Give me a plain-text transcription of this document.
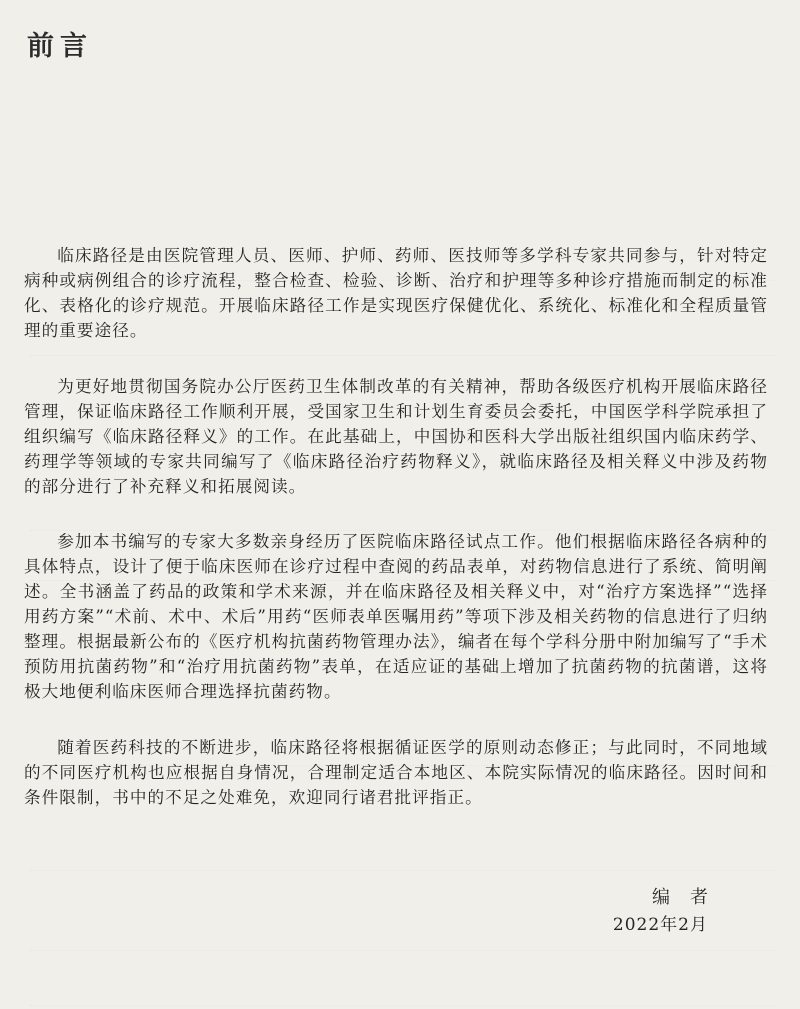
前言

临床路径是由医院管理人员、医师、护师、药师、医技师等多学科专家共同参与，针对特定病种或病例组合的诊疗流程，整合检查、检验、诊断、治疗和护理等多种诊疗措施而制定的标准化、表格化的诊疗规范。开展临床路径工作是实现医疗保健优化、系统化、标准化和全程质量管理的重要途径。

为更好地贯彻国务院办公厅医药卫生体制改革的有关精神，帮助各级医疗机构开展临床路径管理，保证临床路径工作顺利开展，受国家卫生和计划生育委员会委托，中国医学科学院承担了组织编写《临床路径释义》的工作。在此基础上，中国协和医科大学出版社组织国内临床药学、药理学等领域的专家共同编写了《临床路径治疗药物释义》，就临床路径及相关释义中涉及药物的部分进行了补充释义和拓展阅读。

参加本书编写的专家大多数亲身经历了医院临床路径试点工作。他们根据临床路径各病种的具体特点，设计了便于临床医师在诊疗过程中查阅的药品表单，对药物信息进行了系统、简明阐述。全书涵盖了药品的政策和学术来源，并在临床路径及相关释义中，对“治疗方案选择”“选择用药方案”“术前、术中、术后”用药“医师表单医嘱用药”等项下涉及相关药物的信息进行了归纳整理。根据最新公布的《医疗机构抗菌药物管理办法》，编者在每个学科分册中附加编写了“手术预防用抗菌药物”和“治疗用抗菌药物”表单，在适应证的基础上增加了抗菌药物的抗菌谱，这将极大地便利临床医师合理选择抗菌药物。

随着医药科技的不断进步，临床路径将根据循证医学的原则动态修正；与此同时，不同地域的不同医疗机构也应根据自身情况，合理制定适合本地区、本院实际情况的临床路径。因时间和条件限制，书中的不足之处难免，欢迎同行诸君批评指正。

编者
2022年2月
